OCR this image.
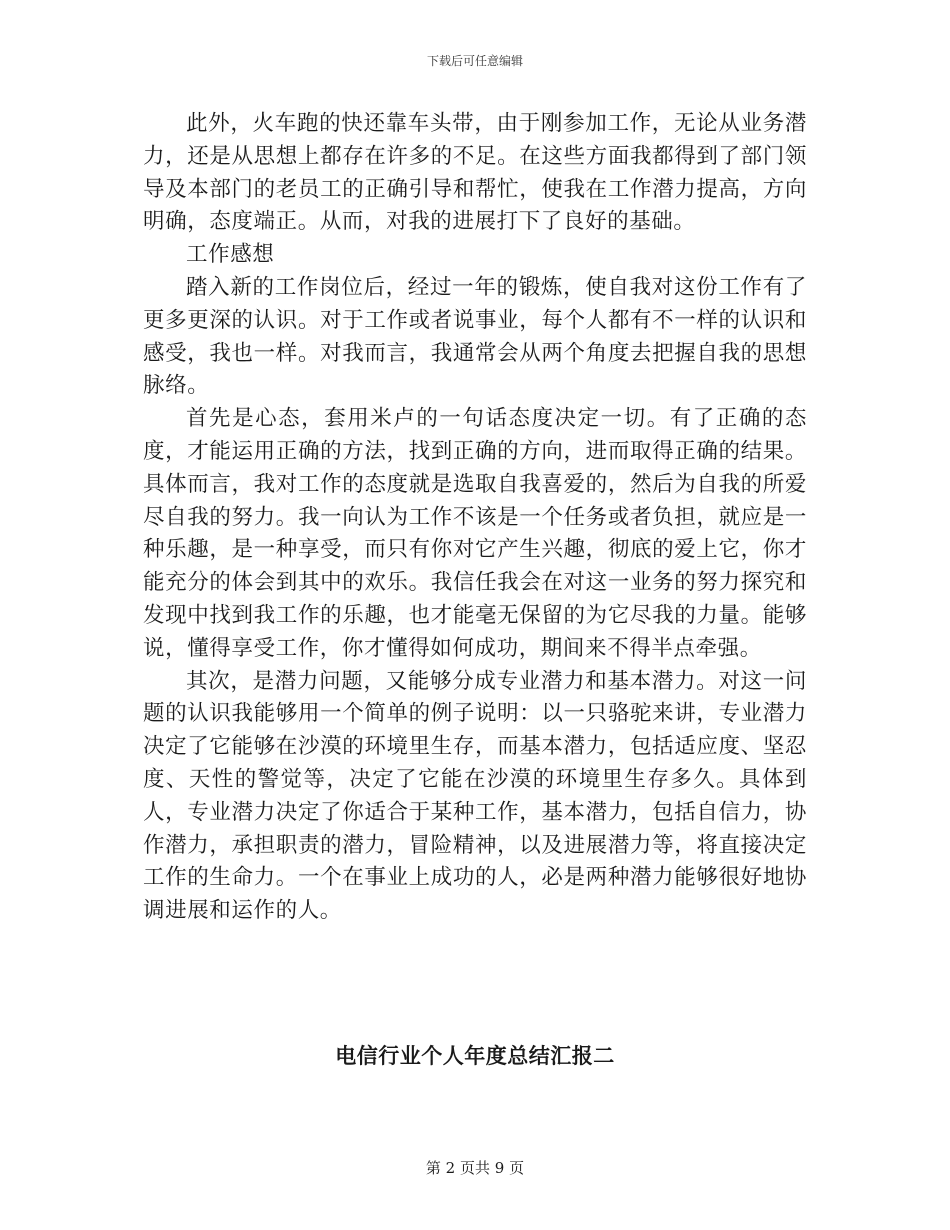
下载后可任意编辑

此外，火车跑的快还靠车头带，由于刚参加工作，无论从业务潜力，还是从思想上都存在许多的不足。在这些方面我都得到了部门领导及本部门的老员工的正确引导和帮忙，使我在工作潜力提高，方向明确，态度端正。从而，对我的进展打下了良好的基础。

工作感想

踏入新的工作岗位后，经过一年的锻炼，使自我对这份工作有了更多更深的认识。对于工作或者说事业，每个人都有不一样的认识和感受，我也一样。对我而言，我通常会从两个角度去把握自我的思想脉络。

首先是心态，套用米卢的一句话态度决定一切。有了正确的态度，才能运用正确的方法，找到正确的方向，进而取得正确的结果。具体而言，我对工作的态度就是选取自我喜爱的，然后为自我的所爱尽自我的努力。我一向认为工作不该是一个任务或者负担，就应是一种乐趣，是一种享受，而只有你对它产生兴趣，彻底的爱上它，你才能充分的体会到其中的欢乐。我信任我会在对这一业务的努力探究和发现中找到我工作的乐趣，也才能毫无保留的为它尽我的力量。能够说，懂得享受工作，你才懂得如何成功，期间来不得半点牵强。

其次，是潜力问题，又能够分成专业潜力和基本潜力。对这一问题的认识我能够用一个简单的例子说明：以一只骆驼来讲，专业潜力决定了它能够在沙漠的环境里生存，而基本潜力，包括适应度、坚忍度、天性的警觉等，决定了它能在沙漠的环境里生存多久。具体到人，专业潜力决定了你适合于某种工作，基本潜力，包括自信力，协作潜力，承担职责的潜力，冒险精神，以及进展潜力等，将直接决定工作的生命力。一个在事业上成功的人，必是两种潜力能够很好地协调进展和运作的人。

电信行业个人年度总结汇报二
第 2 页共 9 页
